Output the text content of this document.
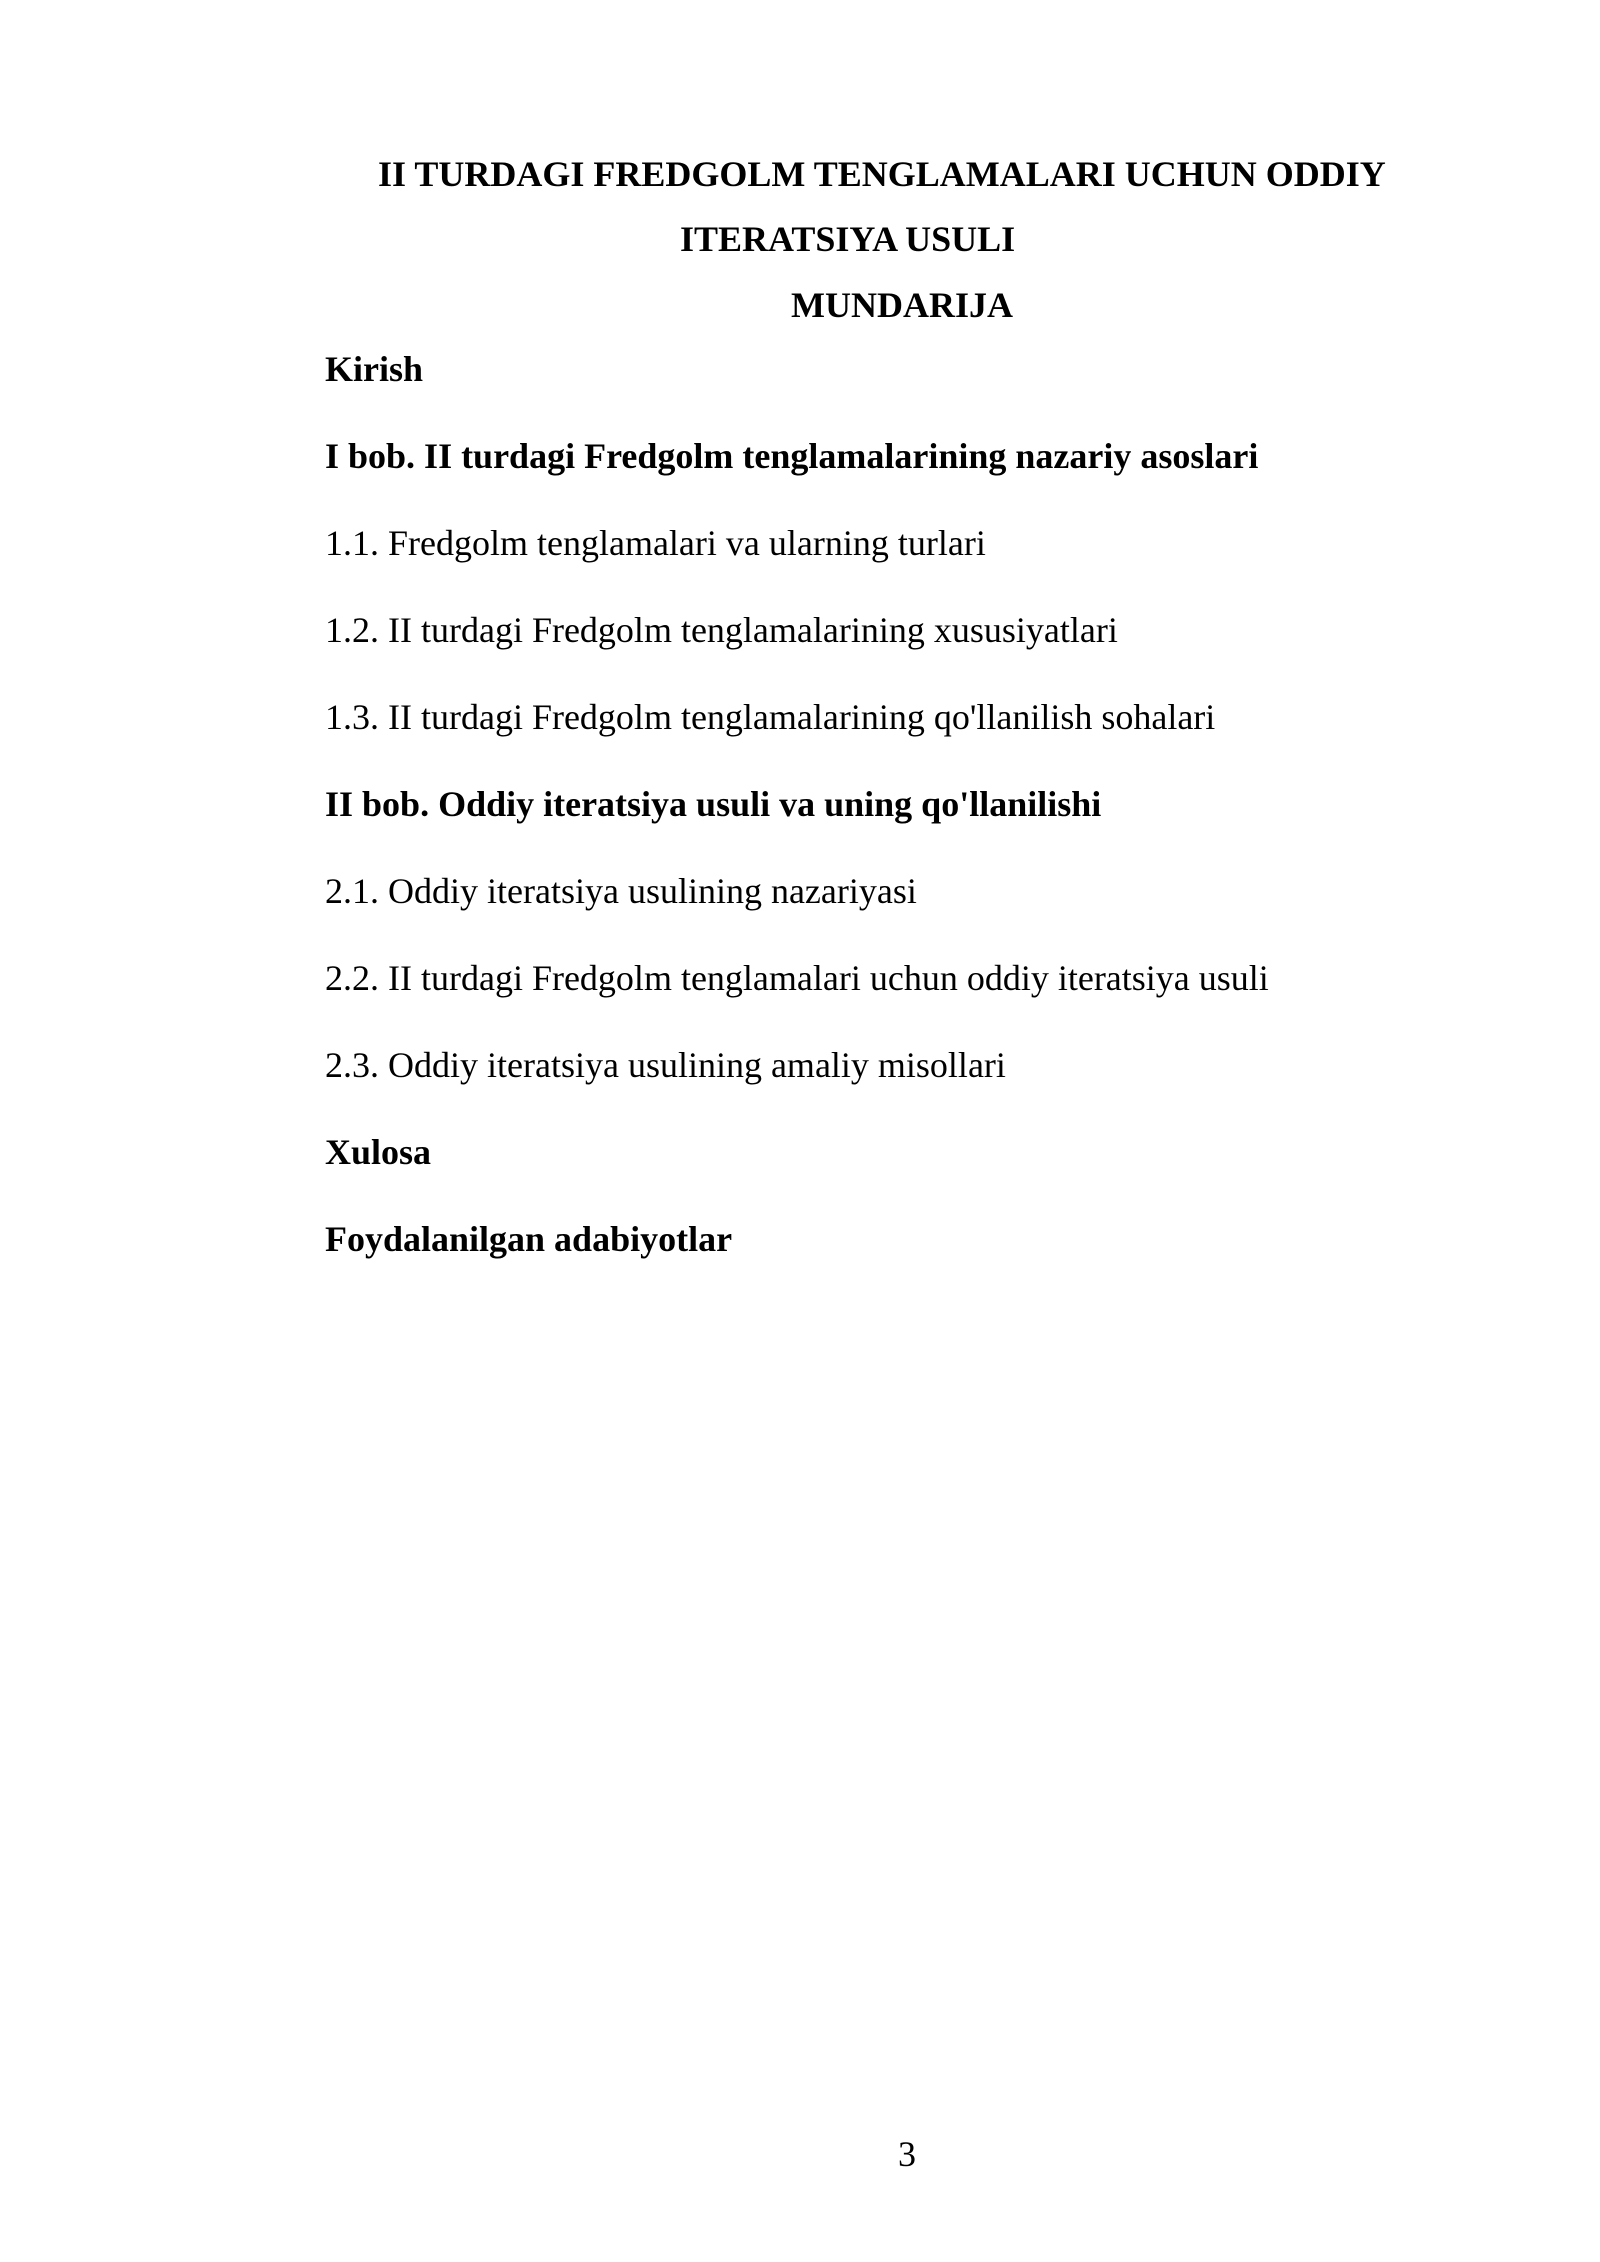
II TURDAGI FREDGOLM TENGLAMALARI UCHUN ODDIY
ITERATSIYA USULI
MUNDARIJA
Kirish
I bob. II turdagi Fredgolm tenglamalarining nazariy asoslari
1.1. Fredgolm tenglamalari va ularning turlari
1.2. II turdagi Fredgolm tenglamalarining xususiyatlari
1.3. II turdagi Fredgolm tenglamalarining qo'llanilish sohalari
II bob. Oddiy iteratsiya usuli va uning qo'llanilishi
2.1. Oddiy iteratsiya usulining nazariyasi
2.2. II turdagi Fredgolm tenglamalari uchun oddiy iteratsiya usuli
2.3. Oddiy iteratsiya usulining amaliy misollari
Xulosa
Foydalanilgan adabiyotlar
3
